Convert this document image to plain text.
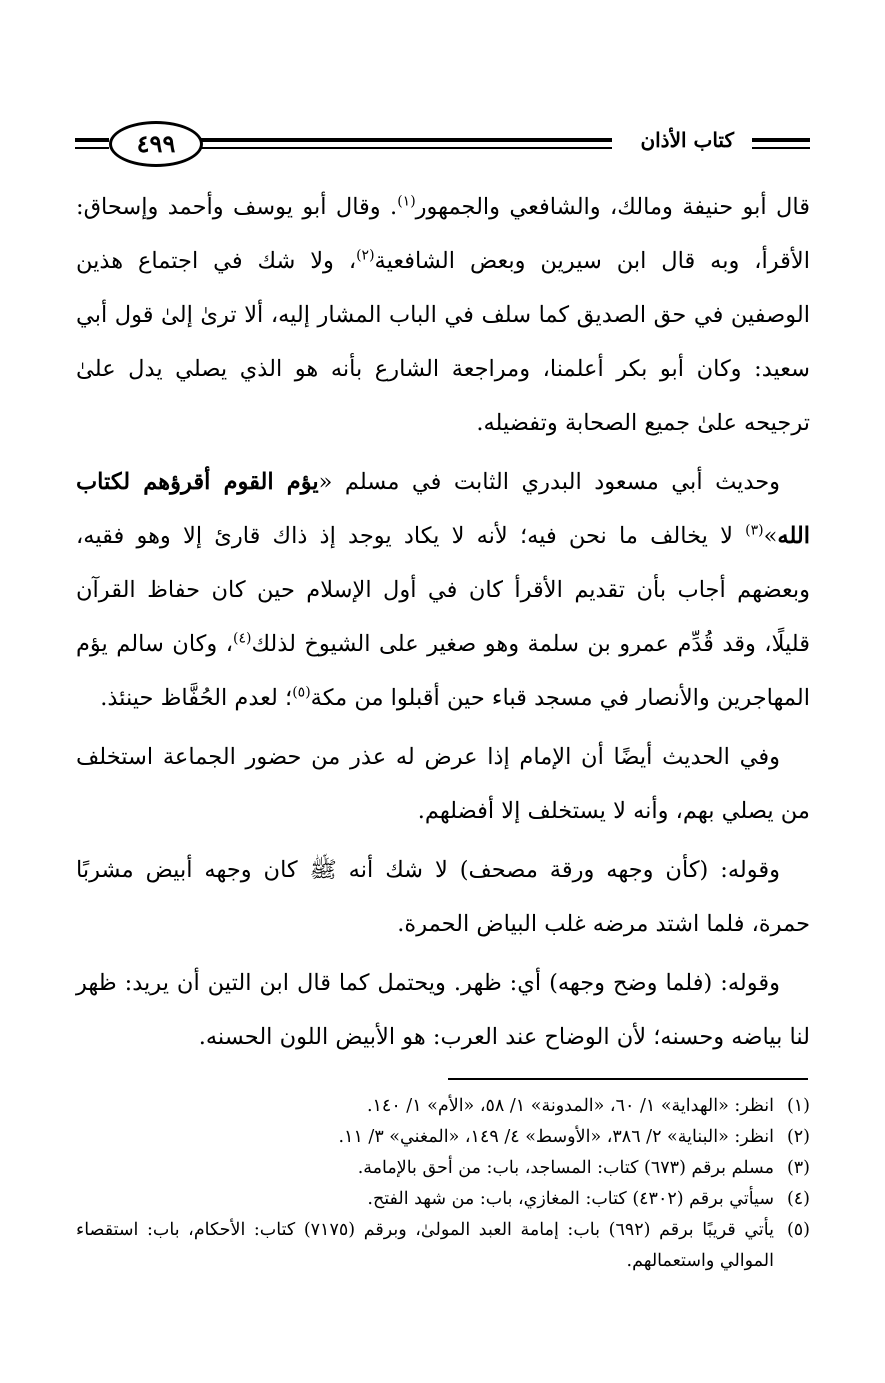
كتاب الأذان
٤٩٩

قال أبو حنيفة ومالك، والشافعي والجمهور$^{(١)}$. وقال أبو يوسف وأحمد وإسحاق: الأقرأ، وبه قال ابن سيرين وبعض الشافعية$^{(٢)}$، ولا شك في اجتماع هذين الوصفين في حق الصديق كما سلف في الباب المشار إليه، ألا ترىٰ إلىٰ قول أبي سعيد: وكان أبو بكر أعلمنا، ومراجعة الشارع بأنه هو الذي يصلي يدل علىٰ ترجيحه علىٰ جميع الصحابة وتفضيله.

وحديث أبي مسعود البدري الثابت في مسلم «يؤم القوم أقرؤهم لكتاب الله»$^{(٣)}$ لا يخالف ما نحن فيه؛ لأنه لا يكاد يوجد إذ ذاك قارئ إلا وهو فقيه، وبعضهم أجاب بأن تقديم الأقرأ كان في أول الإسلام حين كان حفاظ القرآن قليلًا، وقد قُدِّم عمرو بن سلمة وهو صغير على الشيوخ لذلك$^{(٤)}$، وكان سالم يؤم المهاجرين والأنصار في مسجد قباء حين أقبلوا من مكة$^{(٥)}$؛ لعدم الحُفَّاظ حينئذ.

وفي الحديث أيضًا أن الإمام إذا عرض له عذر من حضور الجماعة استخلف من يصلي بهم، وأنه لا يستخلف إلا أفضلهم.

وقوله: (كأن وجهه ورقة مصحف) لا شك أنه ﷺ كان وجهه أبيض مشربًا حمرة، فلما اشتد مرضه غلب البياض الحمرة.

وقوله: (فلما وضح وجهه) أي: ظهر. ويحتمل كما قال ابن التين أن يريد: ظهر لنا بياضه وحسنه؛ لأن الوضاح عند العرب: هو الأبيض اللون الحسنه.

(١)
انظر: «الهداية» ١/ ٦٠، «المدونة» ١/ ٥٨، «الأم» ١/ ١٤٠.
(٢)
انظر: «البناية» ٢/ ٣٨٦، «الأوسط» ٤/ ١٤٩، «المغني» ٣/ ١١.
(٣)
مسلم برقم (٦٧٣) كتاب: المساجد، باب: من أحق بالإمامة.
(٤)
سيأتي برقم (٤٣٠٢) كتاب: المغازي، باب: من شهد الفتح.
(٥)
يأتي قريبًا برقم (٦٩٢) باب: إمامة العبد المولىٰ، وبرقم (٧١٧٥) كتاب: الأحكام، باب: استقصاء الموالي واستعمالهم.
